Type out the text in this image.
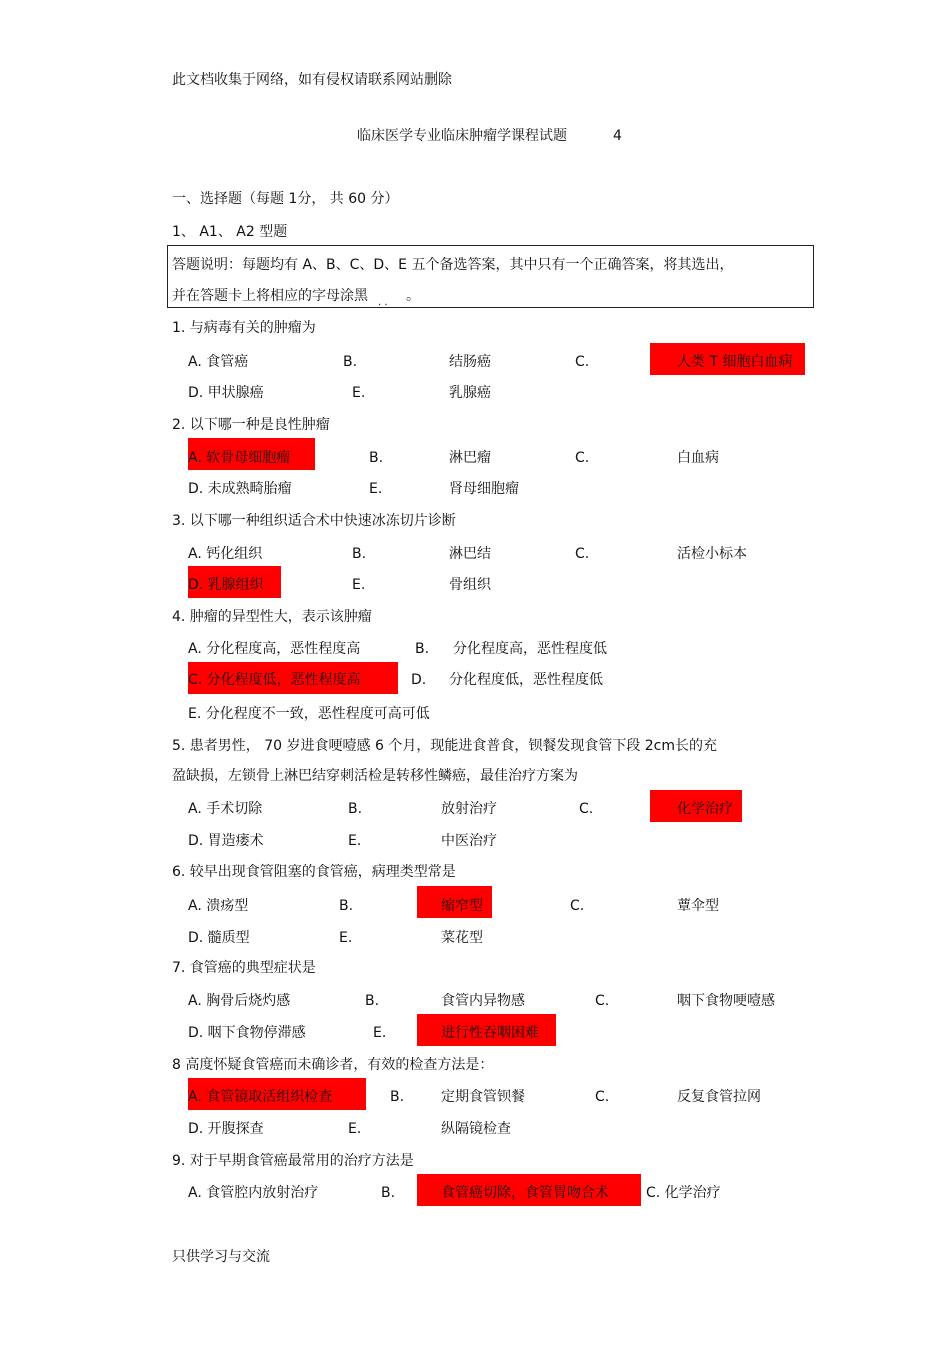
此文档收集于网络，如有侵权请联系网站删除
临床医学专业临床肿瘤学课程试题	4
一、选择题（每题 1分， 共 60 分）
1、 A1、 A2 型题
答题说明：每题均有 A、B、C、D、E 五个备选答案，其中只有一个正确答案，将其选出，
并在答题卡上将相应的字母涂黑 . . 。
1. 与病毒有关的肿瘤为
A. 食管癌	B.	结肠癌	C.	人类 T 细胞白血病
D. 甲状腺癌	E.	乳腺癌
2. 以下哪一种是良性肿瘤
A. 软骨母细胞瘤	B.	淋巴瘤	C.	白血病
D. 未成熟畸胎瘤	E.	肾母细胞瘤
3. 以下哪一种组织适合术中快速冰冻切片诊断
A. 钙化组织	B.	淋巴结	C.	活检小标本
D. 乳腺组织	E.	骨组织
4. 肿瘤的异型性大，表示该肿瘤
A. 分化程度高，恶性程度高	B. 分化程度高，恶性程度低
C. 分化程度低，恶性程度高	D. 分化程度低，恶性程度低
E. 分化程度不一致，恶性程度可高可低
5. 患者男性， 70 岁进食哽噎感 6 个月，现能进食普食，钡餐发现食管下段 2cm长的充
盈缺损，左锁骨上淋巴结穿刺活检是转移性鳞癌，最佳治疗方案为
A. 手术切除	B.	放射治疗	C.	化学治疗
D. 胃造瘘术	E.	中医治疗
6. 较早出现食管阻塞的食管癌，病理类型常是
A. 溃疡型	B.	缩窄型	C.	蕈伞型
D. 髓质型	E.	菜花型
7. 食管癌的典型症状是
A. 胸骨后烧灼感	B.	食管内异物感	C.	咽下食物哽噎感
D. 咽下食物停滞感	E.	进行性吞咽困难
8 高度怀疑食管癌而未确诊者，有效的检查方法是：
A. 食管镜取活组织检查	B.	定期食管钡餐	C.	反复食管拉网
D. 开腹探查	E.	纵隔镜检查
9. 对于早期食管癌最常用的治疗方法是
A. 食管腔内放射治疗	B.	食管癌切除，食管胃吻合术	C. 化学治疗
只供学习与交流
